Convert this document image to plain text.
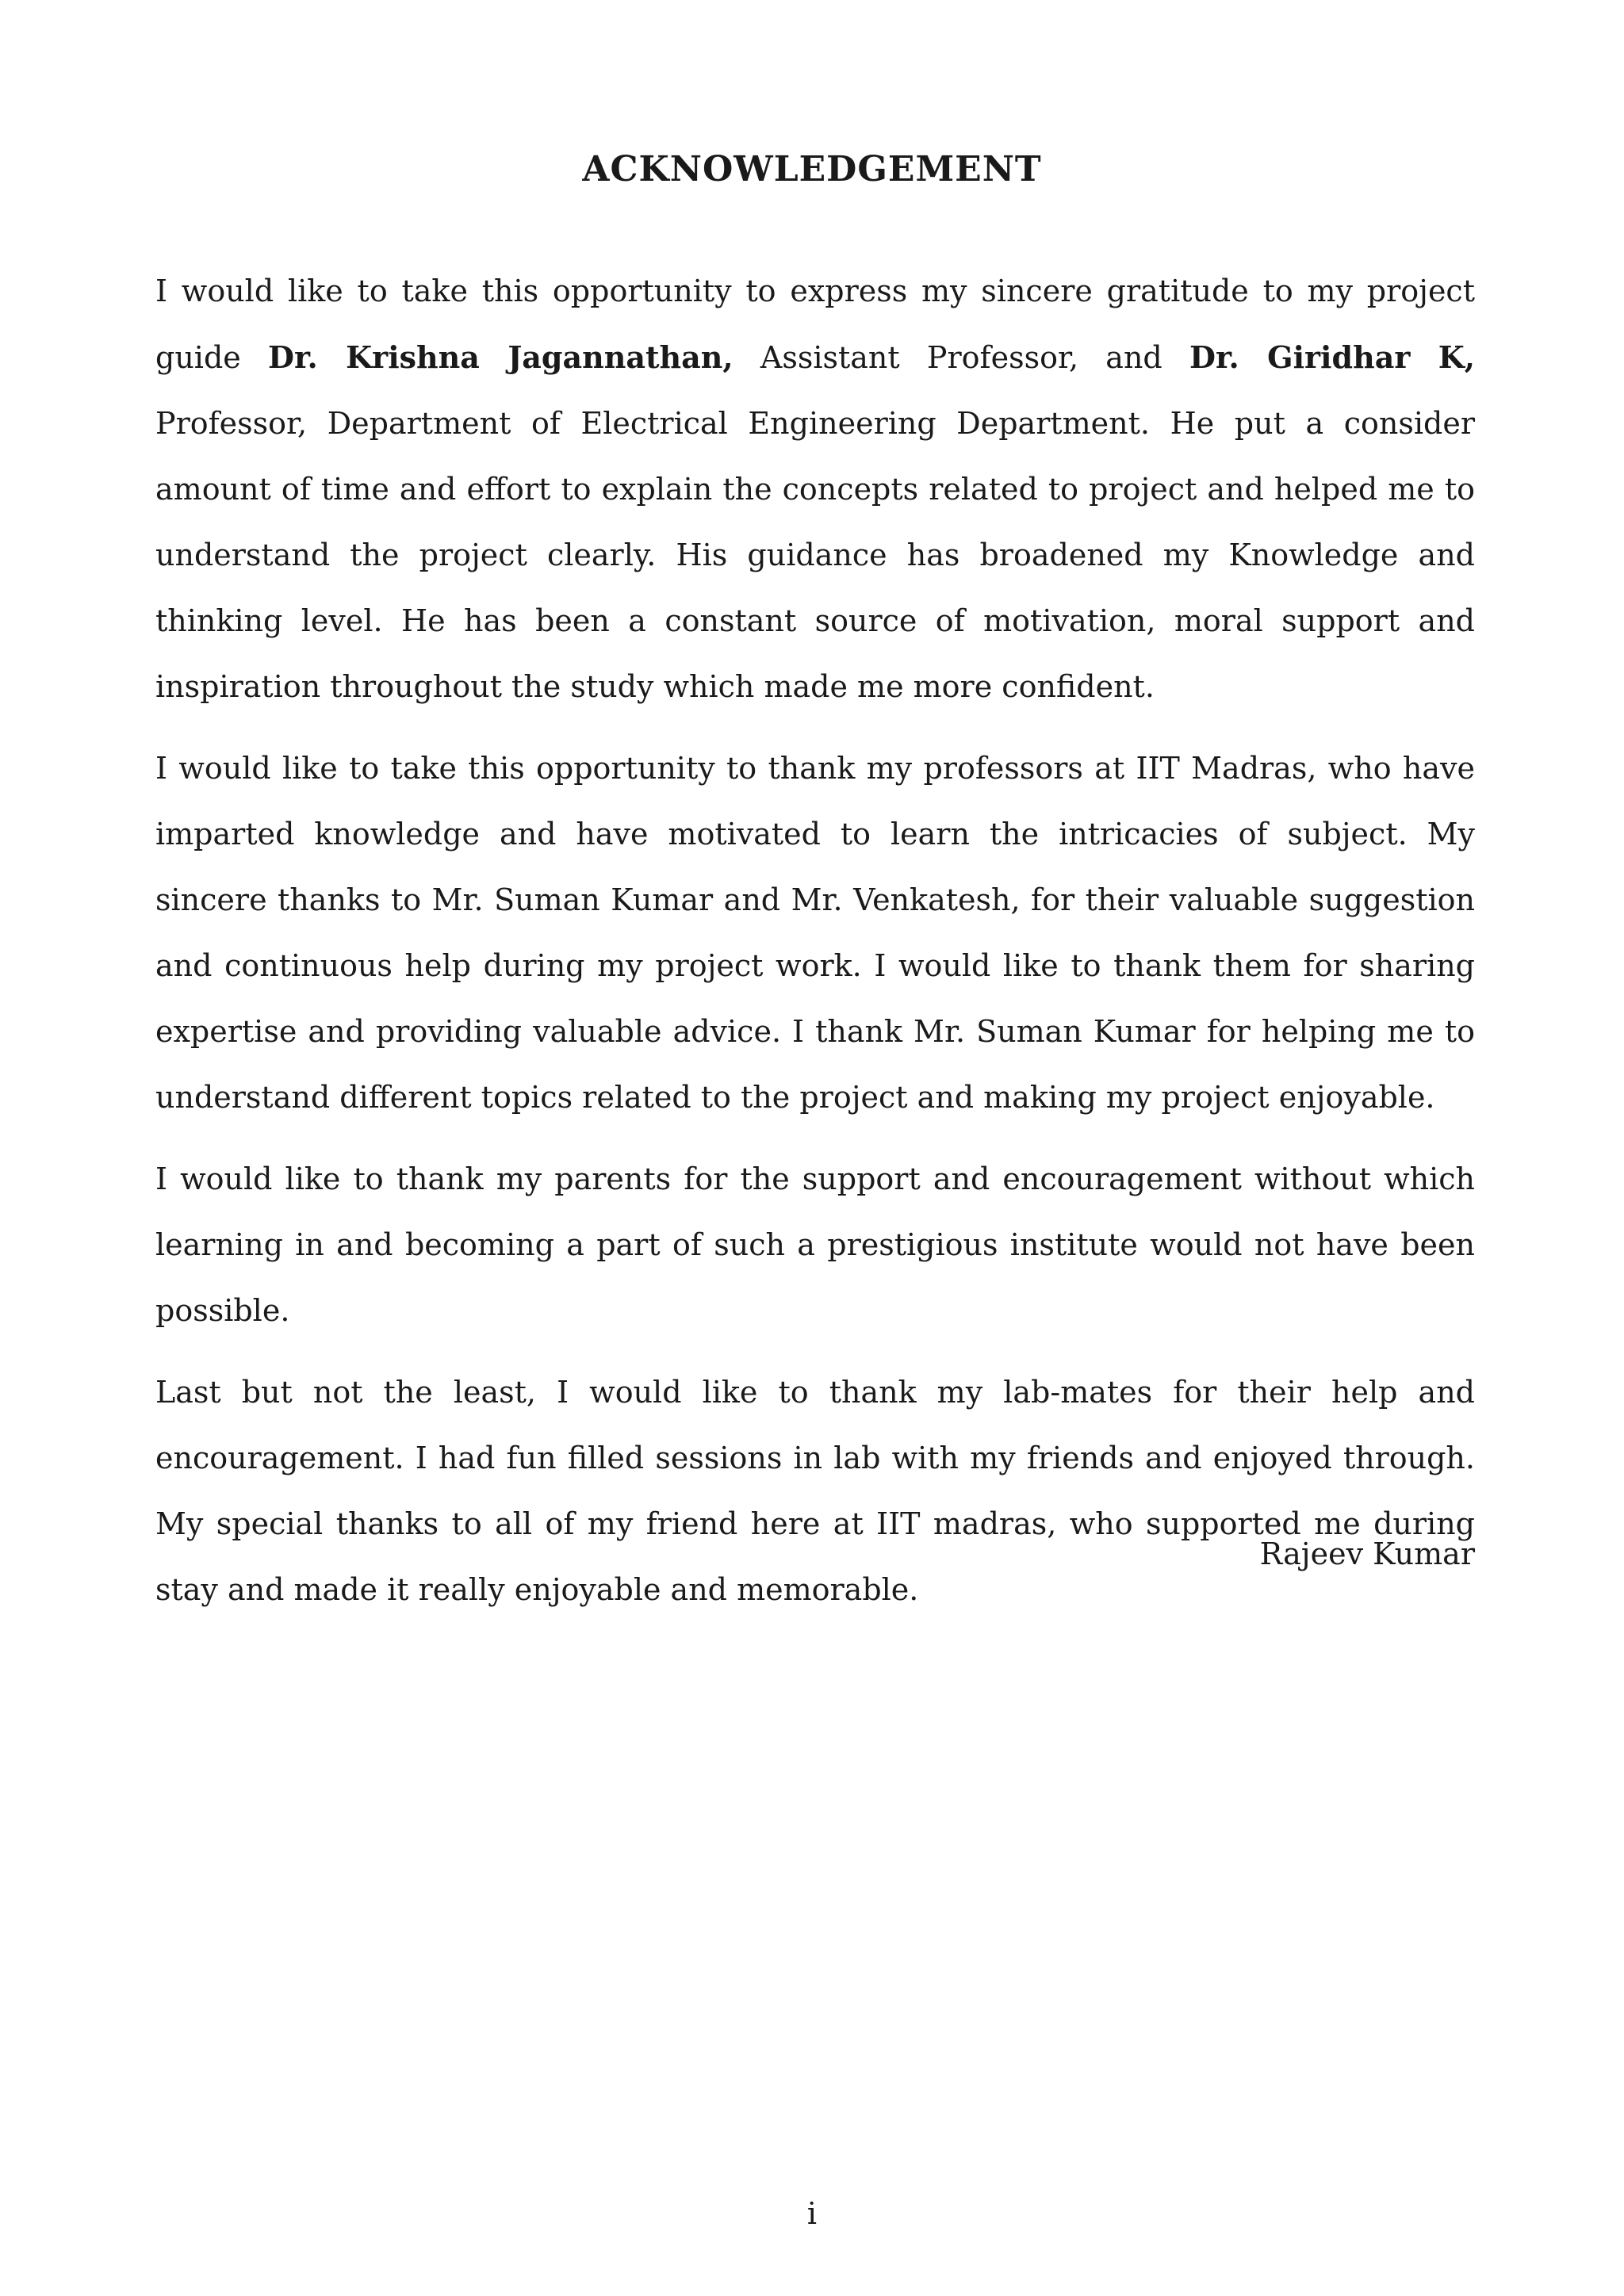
ACKNOWLEDGEMENT

I would like to take this opportunity to express my sincere gratitude to my project guide Dr. Krishna Jagannathan, Assistant Professor, and Dr. Giridhar K, Professor, Department of Electrical Engineering Department. He put a consider amount of time and effort to explain the concepts related to project and helped me to understand the project clearly. His guidance has broadened my Knowledge and thinking level. He has been a constant source of motivation, moral support and inspiration throughout the study which made me more confident.

I would like to take this opportunity to thank my professors at IIT Madras, who have imparted knowledge and have motivated to learn the intricacies of subject. My sincere thanks to Mr. Suman Kumar and Mr. Venkatesh, for their valuable suggestion and continuous help during my project work. I would like to thank them for sharing expertise and providing valuable advice. I thank Mr. Suman Kumar for helping me to understand different topics related to the project and making my project enjoyable.

I would like to thank my parents for the support and encouragement without which learning in and becoming a part of such a prestigious institute would not have been possible.

Last but not the least, I would like to thank my lab-mates for their help and encouragement. I had fun filled sessions in lab with my friends and enjoyed through. My special thanks to all of my friend here at IIT madras, who supported me during stay and made it really enjoyable and memorable.

Rajeev Kumar

i
